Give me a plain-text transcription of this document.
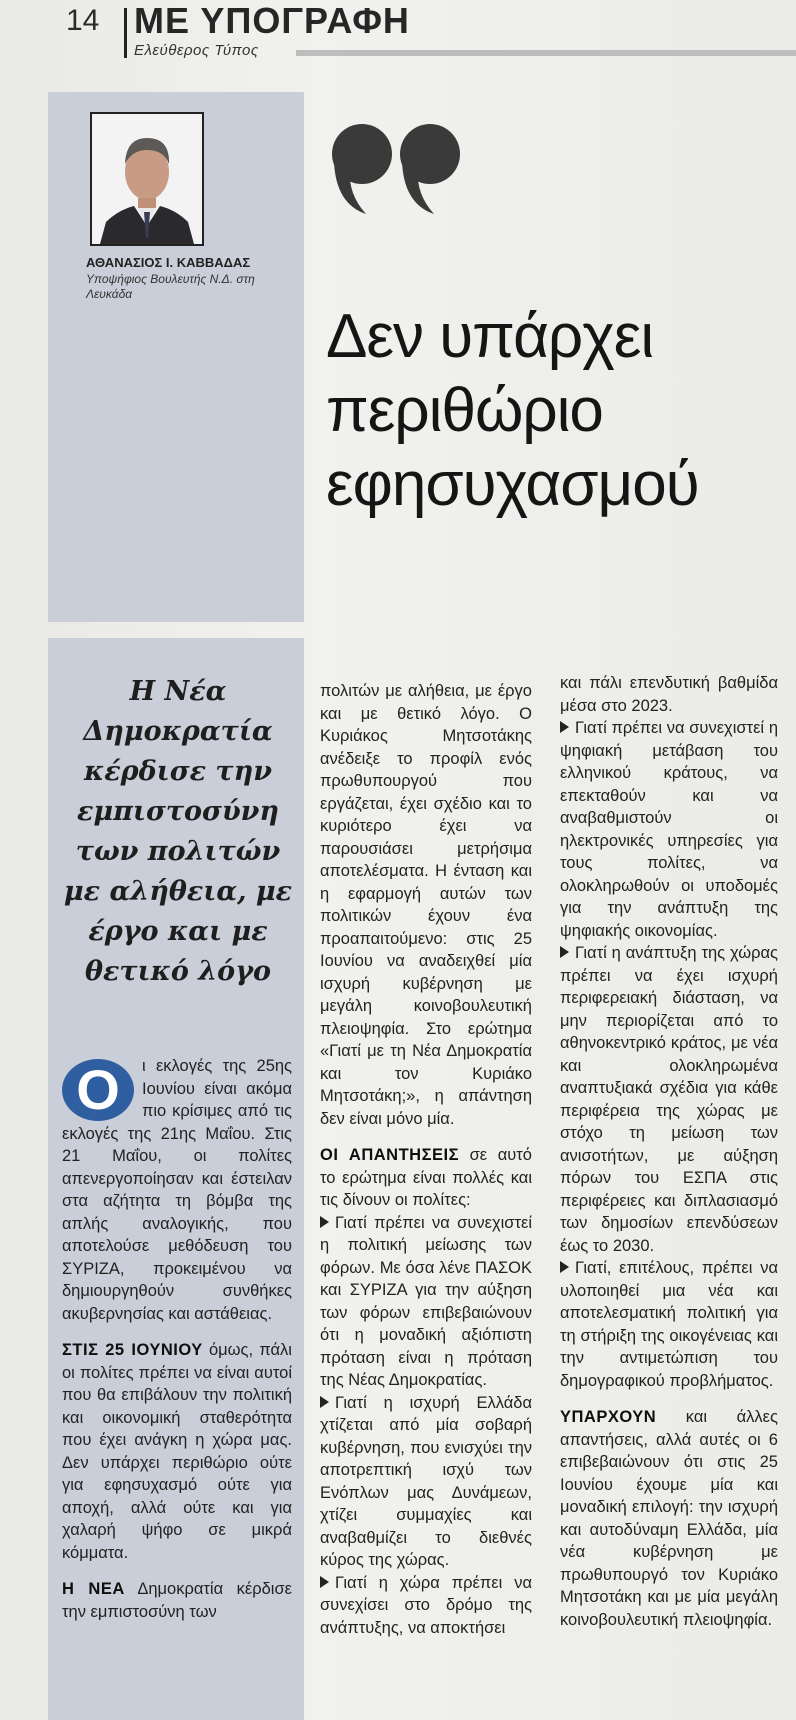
14 ΜΕ ΥΠΟΓΡΑΦΗ
Ελεύθερος Τύπος
ΑΘΑΝΑΣΙΟΣ Ι. ΚΑΒΒΑΔΑΣ
Υποψήφιος Βουλευτής Ν.Δ. στη Λευκάδα
Δεν υπάρχει
περιθώριο
εφησυχασμού
Η Νέα Δημοκρατία κέρδισε την εμπιστοσύνη των πολιτών με αλήθεια, με έργο και με θετικό λόγο

Ο	ι εκλογές της 25ης Ιουνίου είναι ακόμα πιο κρίσιμες από τις εκλογές της 21ης Μαΐου. Στις 21 Μαΐου, οι πολίτες απενεργοποίησαν και έστειλαν στα αζήτητα τη βόμβα της απλής αναλογικής, που αποτελούσε μεθόδευση του ΣΥΡΙΖΑ, προκειμένου να δημιουργηθούν συνθήκες ακυβερνησίας και αστάθειας.

ΣΤΙΣ 25 ΙΟΥΝΙΟΥ όμως, πάλι οι πολίτες πρέπει να είναι αυτοί που θα επιβάλουν την πολιτική και οικονομική σταθερότητα που έχει ανάγκη η χώρα μας. Δεν υπάρχει περιθώριο ούτε για εφησυχασμό ούτε για αποχή, αλλά ούτε και για χαλαρή ψήφο σε μικρά κόμματα.

Η ΝΕΑ Δημοκρατία κέρδισε την εμπιστοσύνη των

πολιτών με αλήθεια, με έργο και με θετικό λόγο. Ο Κυριάκος Μητσοτάκης ανέδειξε το προφίλ ενός πρωθυπουργού που εργάζεται, έχει σχέδιο και το κυριότερο έχει να παρουσιάσει μετρήσιμα αποτελέσματα. Η ένταση και η εφαρμογή αυτών των πολιτικών έχουν ένα προαπαιτούμενο: στις 25 Ιουνίου να αναδειχθεί μία ισχυρή κυβέρνηση με μεγάλη κοινοβουλευτική πλειοψηφία. Στο ερώτημα «Γιατί με τη Νέα Δημοκρατία και τον Κυριάκο Μητσοτάκη;», η απάντηση δεν είναι μόνο μία.

ΟΙ ΑΠΑΝΤΗΣΕΙΣ σε αυτό το ερώτημα είναι πολλές και τις δίνουν οι πολίτες:

Γιατί πρέπει να συνεχιστεί η πολιτική μείωσης των φόρων. Με όσα λένε ΠΑΣΟΚ και ΣΥΡΙΖΑ για την αύξηση των φόρων επιβεβαιώνουν ότι η μοναδική αξιόπιστη πρόταση είναι η πρόταση της Νέας Δημοκρατίας.

Γιατί η ισχυρή Ελλάδα χτίζεται από μία σοβαρή κυβέρνηση, που ενισχύει την αποτρεπτική ισχύ των Ενόπλων μας Δυνάμεων, χτίζει συμμαχίες και αναβαθμίζει το διεθνές κύρος της χώρας.

Γιατί η χώρα πρέπει να συνεχίσει στο δρόμο της ανάπτυξης, να αποκτήσει

και πάλι επενδυτική βαθμίδα μέσα στο 2023.

Γιατί πρέπει να συνεχιστεί η ψηφιακή μετάβαση του ελληνικού κράτους, να επεκταθούν και να αναβαθμιστούν οι ηλεκτρονικές υπηρεσίες για τους πολίτες, να ολοκληρωθούν οι υποδομές για την ανάπτυξη της ψηφιακής οικονομίας.

Γιατί η ανάπτυξη της χώρας πρέπει να έχει ισχυρή περιφερειακή διάσταση, να μην περιορίζεται από το αθηνοκεντρικό κράτος, με νέα και ολοκληρωμένα αναπτυξιακά σχέδια για κάθε περιφέρεια της χώρας με στόχο τη μείωση των ανισοτήτων, με αύξηση πόρων του ΕΣΠΑ στις περιφέρειες και διπλασιασμό των δημοσίων επενδύσεων έως το 2030.

Γιατί, επιτέλους, πρέπει να υλοποιηθεί μια νέα και αποτελεσματική πολιτική για τη στήριξη της οικογένειας και την αντιμετώπιση του δημογραφικού προβλήματος.

ΥΠΑΡΧΟΥΝ και άλλες απαντήσεις, αλλά αυτές οι 6 επιβεβαιώνουν ότι στις 25 Ιουνίου έχουμε μία και μοναδική επιλογή: την ισχυρή και αυτοδύναμη Ελλάδα, μία νέα κυβέρνηση με πρωθυπουργό τον Κυριάκο Μητσοτάκη και με μία μεγάλη κοινοβουλευτική πλειοψηφία.
